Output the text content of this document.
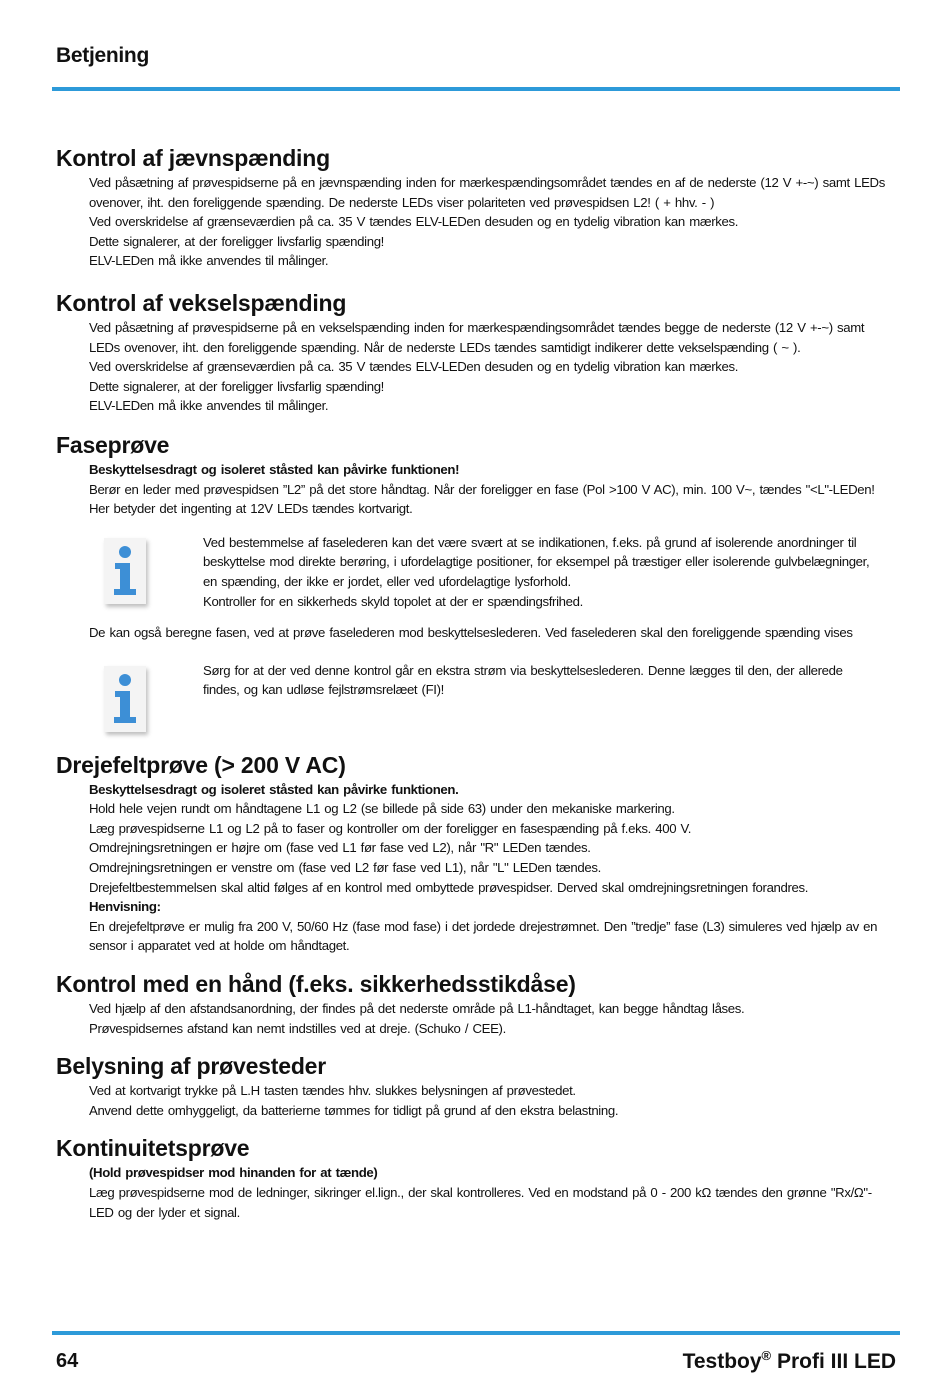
Betjening
Kontrol af jævnspænding

Ved påsætning af prøvespidserne på en jævnspænding inden for mærkespændingsområdet tændes en af de nederste (12 V +-~) samt LEDs ovenover, iht. den foreliggende spænding. De nederste LEDs viser polariteten ved prøvespidsen L2! ( + hhv. - )

Ved overskridelse af grænseværdien på ca. 35 V tændes ELV-LEDen desuden og en tydelig vibration kan mærkes.

Dette signalerer, at der foreligger livsfarlig spænding!

ELV-LEDen må ikke anvendes til målinger.

Kontrol af vekselspænding

Ved påsætning af prøvespidserne på en vekselspænding inden for mærkespændingsområdet tændes begge de nederste (12 V +-~) samt LEDs ovenover, iht. den foreliggende spænding. Når de nederste LEDs tændes samtidigt indikerer dette vekselspænding ( ~ ).

Ved overskridelse af grænseværdien på ca. 35 V tændes ELV-LEDen desuden og en tydelig vibration kan mærkes.

Dette signalerer, at der foreligger livsfarlig spænding!

ELV-LEDen må ikke anvendes til målinger.

Faseprøve

Beskyttelsesdragt og isoleret ståsted kan påvirke funktionen!

Berør en leder med prøvespidsen ”L2” på det store håndtag. Når der foreligger en fase (Pol >100 V AC), min. 100 V~, tændes "<L"-LEDen! Her betyder det ingenting at 12V LEDs tændes kortvarigt.

Ved bestemmelse af faselederen kan det være svært at se indikationen, f.eks. på grund af isolerende anordninger til beskyttelse mod direkte berøring, i ufordelagtige positioner, for eksempel på træstiger eller isolerende gulvbelægninger, en spænding, der ikke er jordet, eller ved ufordelagtige lysforhold.

Kontroller for en sikkerheds skyld topolet at der er spændingsfrihed.

De kan også beregne fasen, ved at prøve faselederen mod beskyttelseslederen. Ved faselederen skal den foreliggende spænding vises

Sørg for at der ved denne kontrol går en ekstra strøm via beskyttelseslederen. Denne lægges til den, der allerede findes, og kan udløse fejlstrømsrelæet (FI)!

Drejefeltprøve (> 200 V AC)

Beskyttelsesdragt og isoleret ståsted kan påvirke funktionen.

Hold hele vejen rundt om håndtagene L1 og L2 (se billede på side 63) under den mekaniske markering.

Læg prøvespidserne L1 og L2 på to faser og kontroller om der foreligger en fasespænding på f.eks. 400 V.

Omdrejningsretningen er højre om (fase ved L1 før fase ved L2), når "R" LEDen tændes.

Omdrejningsretningen er venstre om (fase ved L2 før fase ved L1), når "L" LEDen tændes.

Drejefeltbestemmelsen skal altid følges af en kontrol med ombyttede prøvespidser. Derved skal omdrejningsretningen forandres.

Henvisning:

En drejefeltprøve er mulig fra 200 V, 50/60 Hz (fase mod fase) i det jordede drejestrømnet. Den ”tredje” fase (L3) simuleres ved hjælp av en sensor i apparatet ved at holde om håndtaget.

Kontrol med en hånd (f.eks. sikkerhedsstikdåse)

Ved hjælp af den afstandsanordning, der findes på det nederste område på L1-håndtaget, kan begge håndtag låses.

Prøvespidsernes afstand kan nemt indstilles ved at dreje. (Schuko / CEE).

Belysning af prøvesteder

Ved at kortvarigt trykke på L.H tasten tændes hhv. slukkes belysningen af prøvestedet.

Anvend dette omhyggeligt, da batterierne tømmes for tidligt på grund af den ekstra belastning.

Kontinuitetsprøve

(Hold prøvespidser mod hinanden for at tænde)

Læg prøvespidserne mod de ledninger, sikringer el.lign., der skal kontrolleres. Ved en modstand på 0 - 200 kΩ tændes den grønne "Rx/Ω"-LED og der lyder et signal.

64	Testboy® Profi III LED
